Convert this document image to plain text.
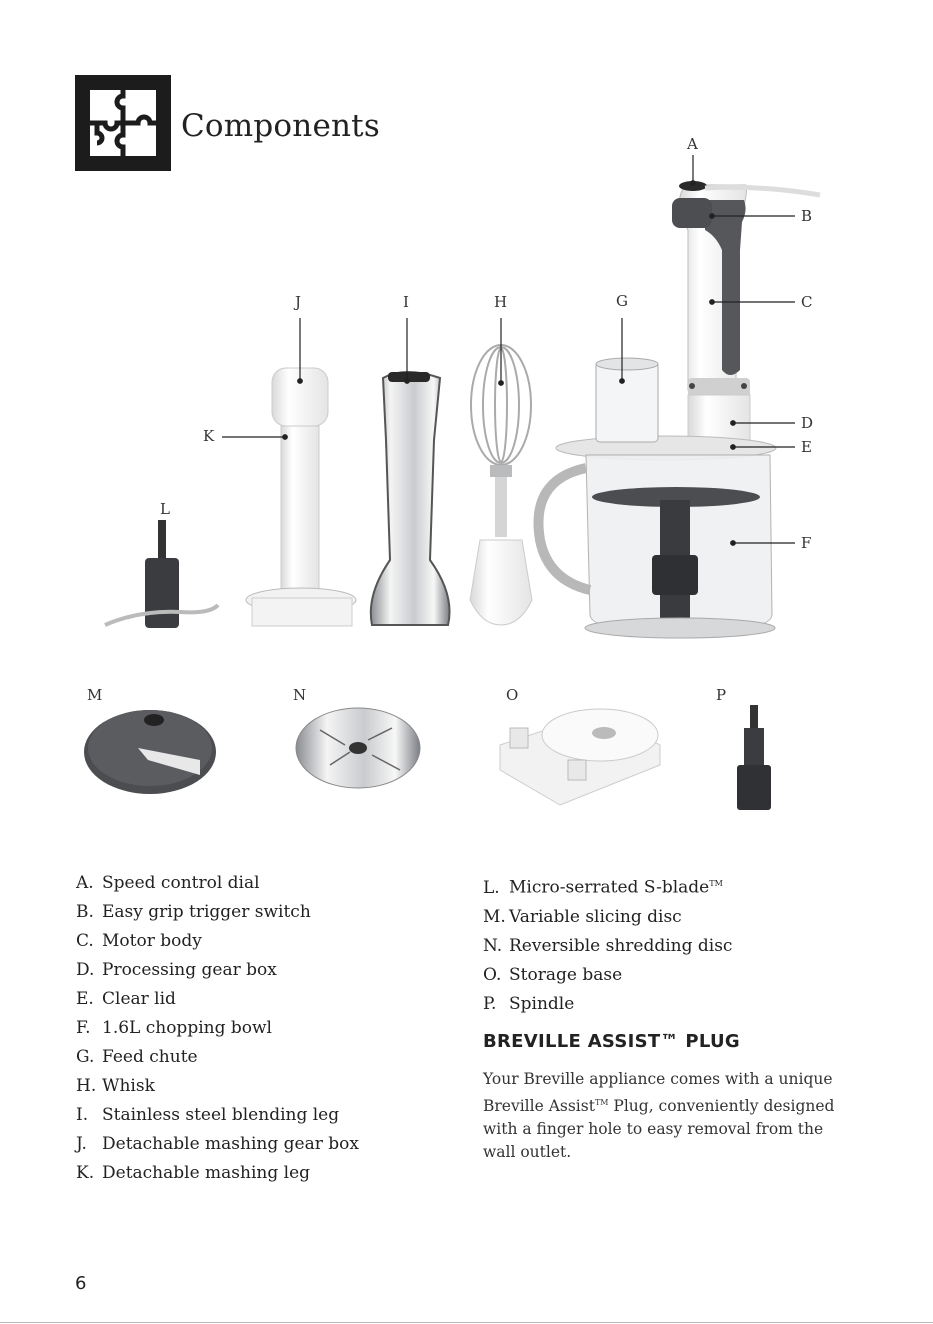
Components	A
B
C
D
E
F
G
H
I
J
K
L
M	N	O	P
A. Speed control dial
B. Easy grip trigger switch
C. Motor body
D. Processing gear box
E. Clear lid
F. 1.6L chopping bowl
G. Feed chute
H. Whisk
I. Stainless steel blending leg
J. Detachable mashing gear box
K. Detachable mashing leg
L. Micro-serrated S-blade™
M. Variable slicing disc
N. Reversible shredding disc
O. Storage base
P. Spindle
BREVILLE ASSIST™ PLUG
Your Breville appliance comes with a unique Breville Assist™ Plug, conveniently designed with a finger hole to easy removal from the wall outlet.
6
